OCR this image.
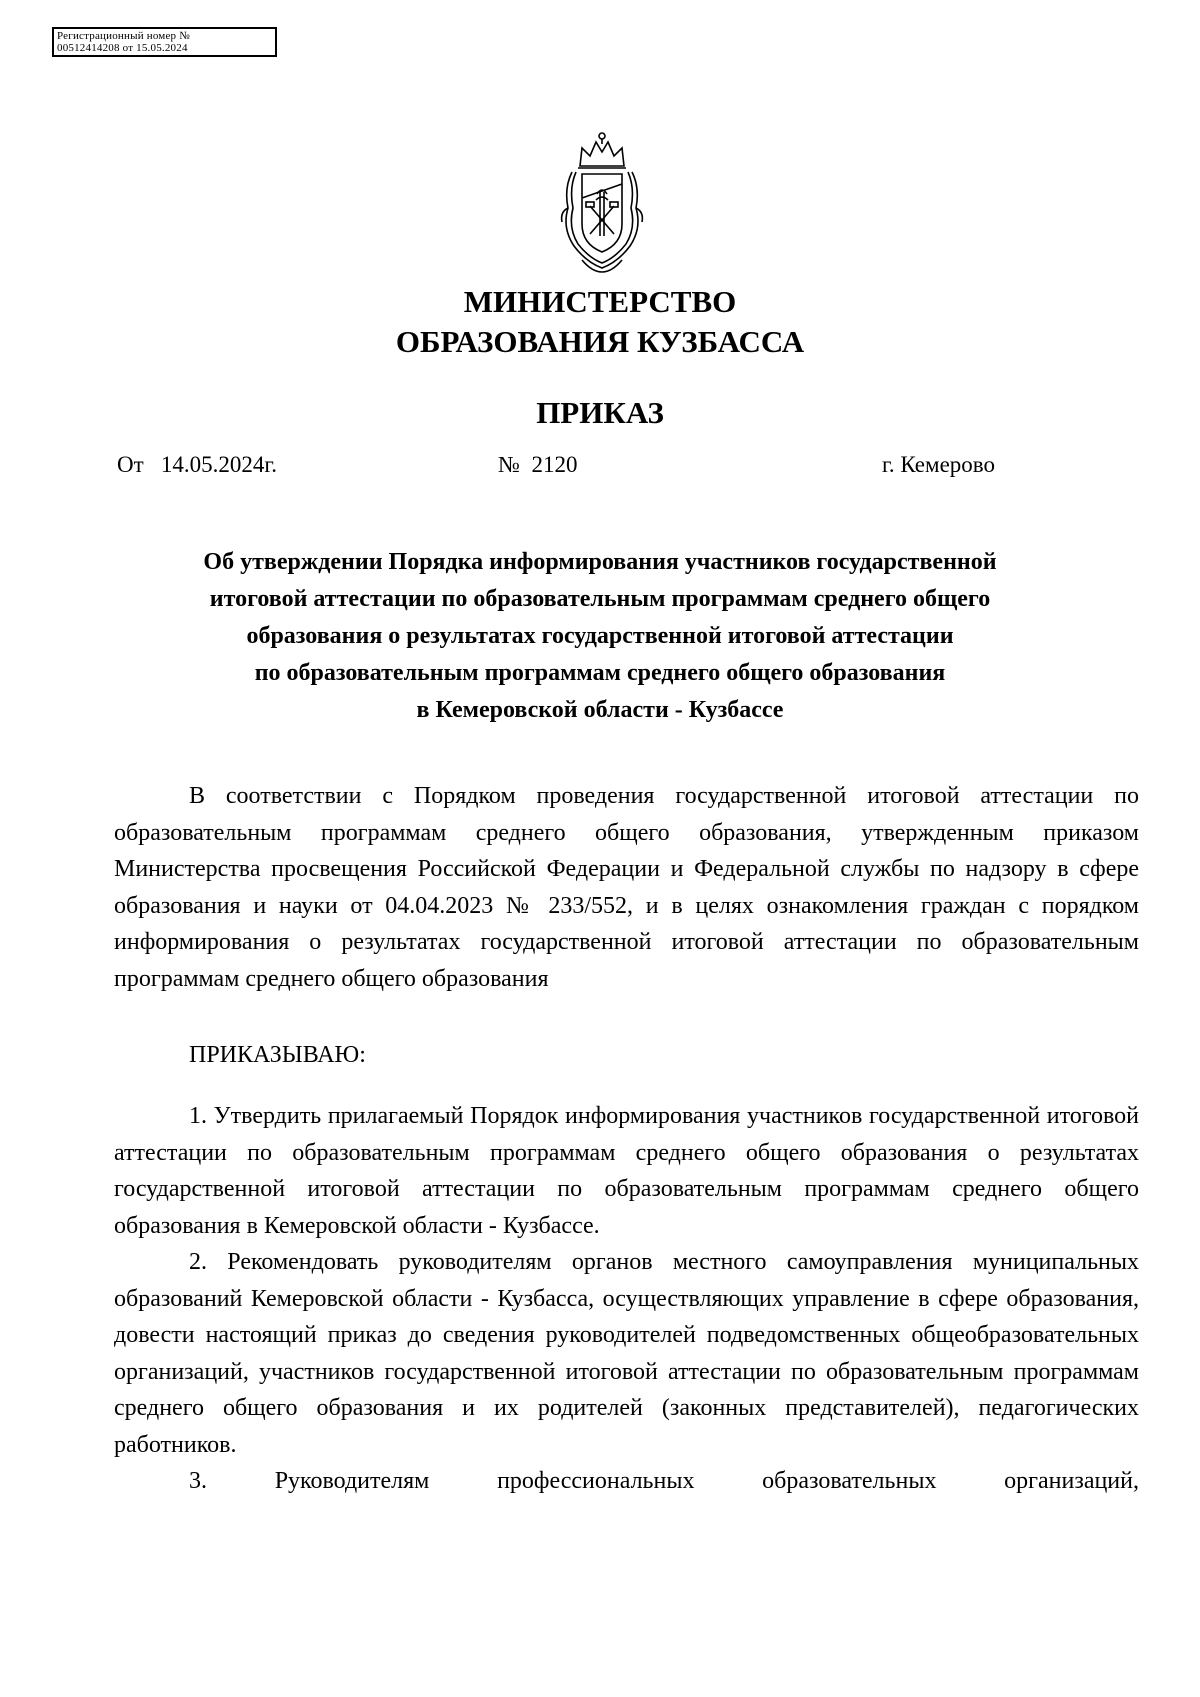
Регистрационный номер №
00512414208 от 15.05.2024
МИНИСТЕРСТВО
ОБРАЗОВАНИЯ КУЗБАССА
ПРИКАЗ
От   14.05.2024г.	№  2120	г. Кемерово
Об утверждении Порядка информирования участников государственной
итоговой аттестации по образовательным программам среднего общего
образования о результатах государственной итоговой аттестации
по образовательным программам среднего общего образования
в Кемеровской области - Кузбассе

В соответствии с Порядком проведения государственной итоговой аттестации по образовательным программам среднего общего образования, утвержденным приказом Министерства просвещения Российской Федерации и Федеральной службы по надзору в сфере образования и науки от 04.04.2023 № 233/552, и в целях ознакомления граждан с порядком информирования о результатах государственной итоговой аттестации по образовательным программам среднего общего образования

ПРИКАЗЫВАЮ:

1. Утвердить прилагаемый Порядок информирования участников государственной итоговой аттестации по образовательным программам среднего общего образования о результатах государственной итоговой аттестации по образовательным программам среднего общего образования в Кемеровской области - Кузбассе.

2. Рекомендовать руководителям органов местного самоуправления муниципальных образований Кемеровской области - Кузбасса, осуществляющих управление в сфере образования, довести настоящий приказ до сведения руководителей подведомственных общеобразовательных организаций, участников государственной итоговой аттестации по образовательным программам среднего общего образования и их родителей (законных представителей), педагогических работников.

3. Руководителям профессиональных образовательных организаций,
